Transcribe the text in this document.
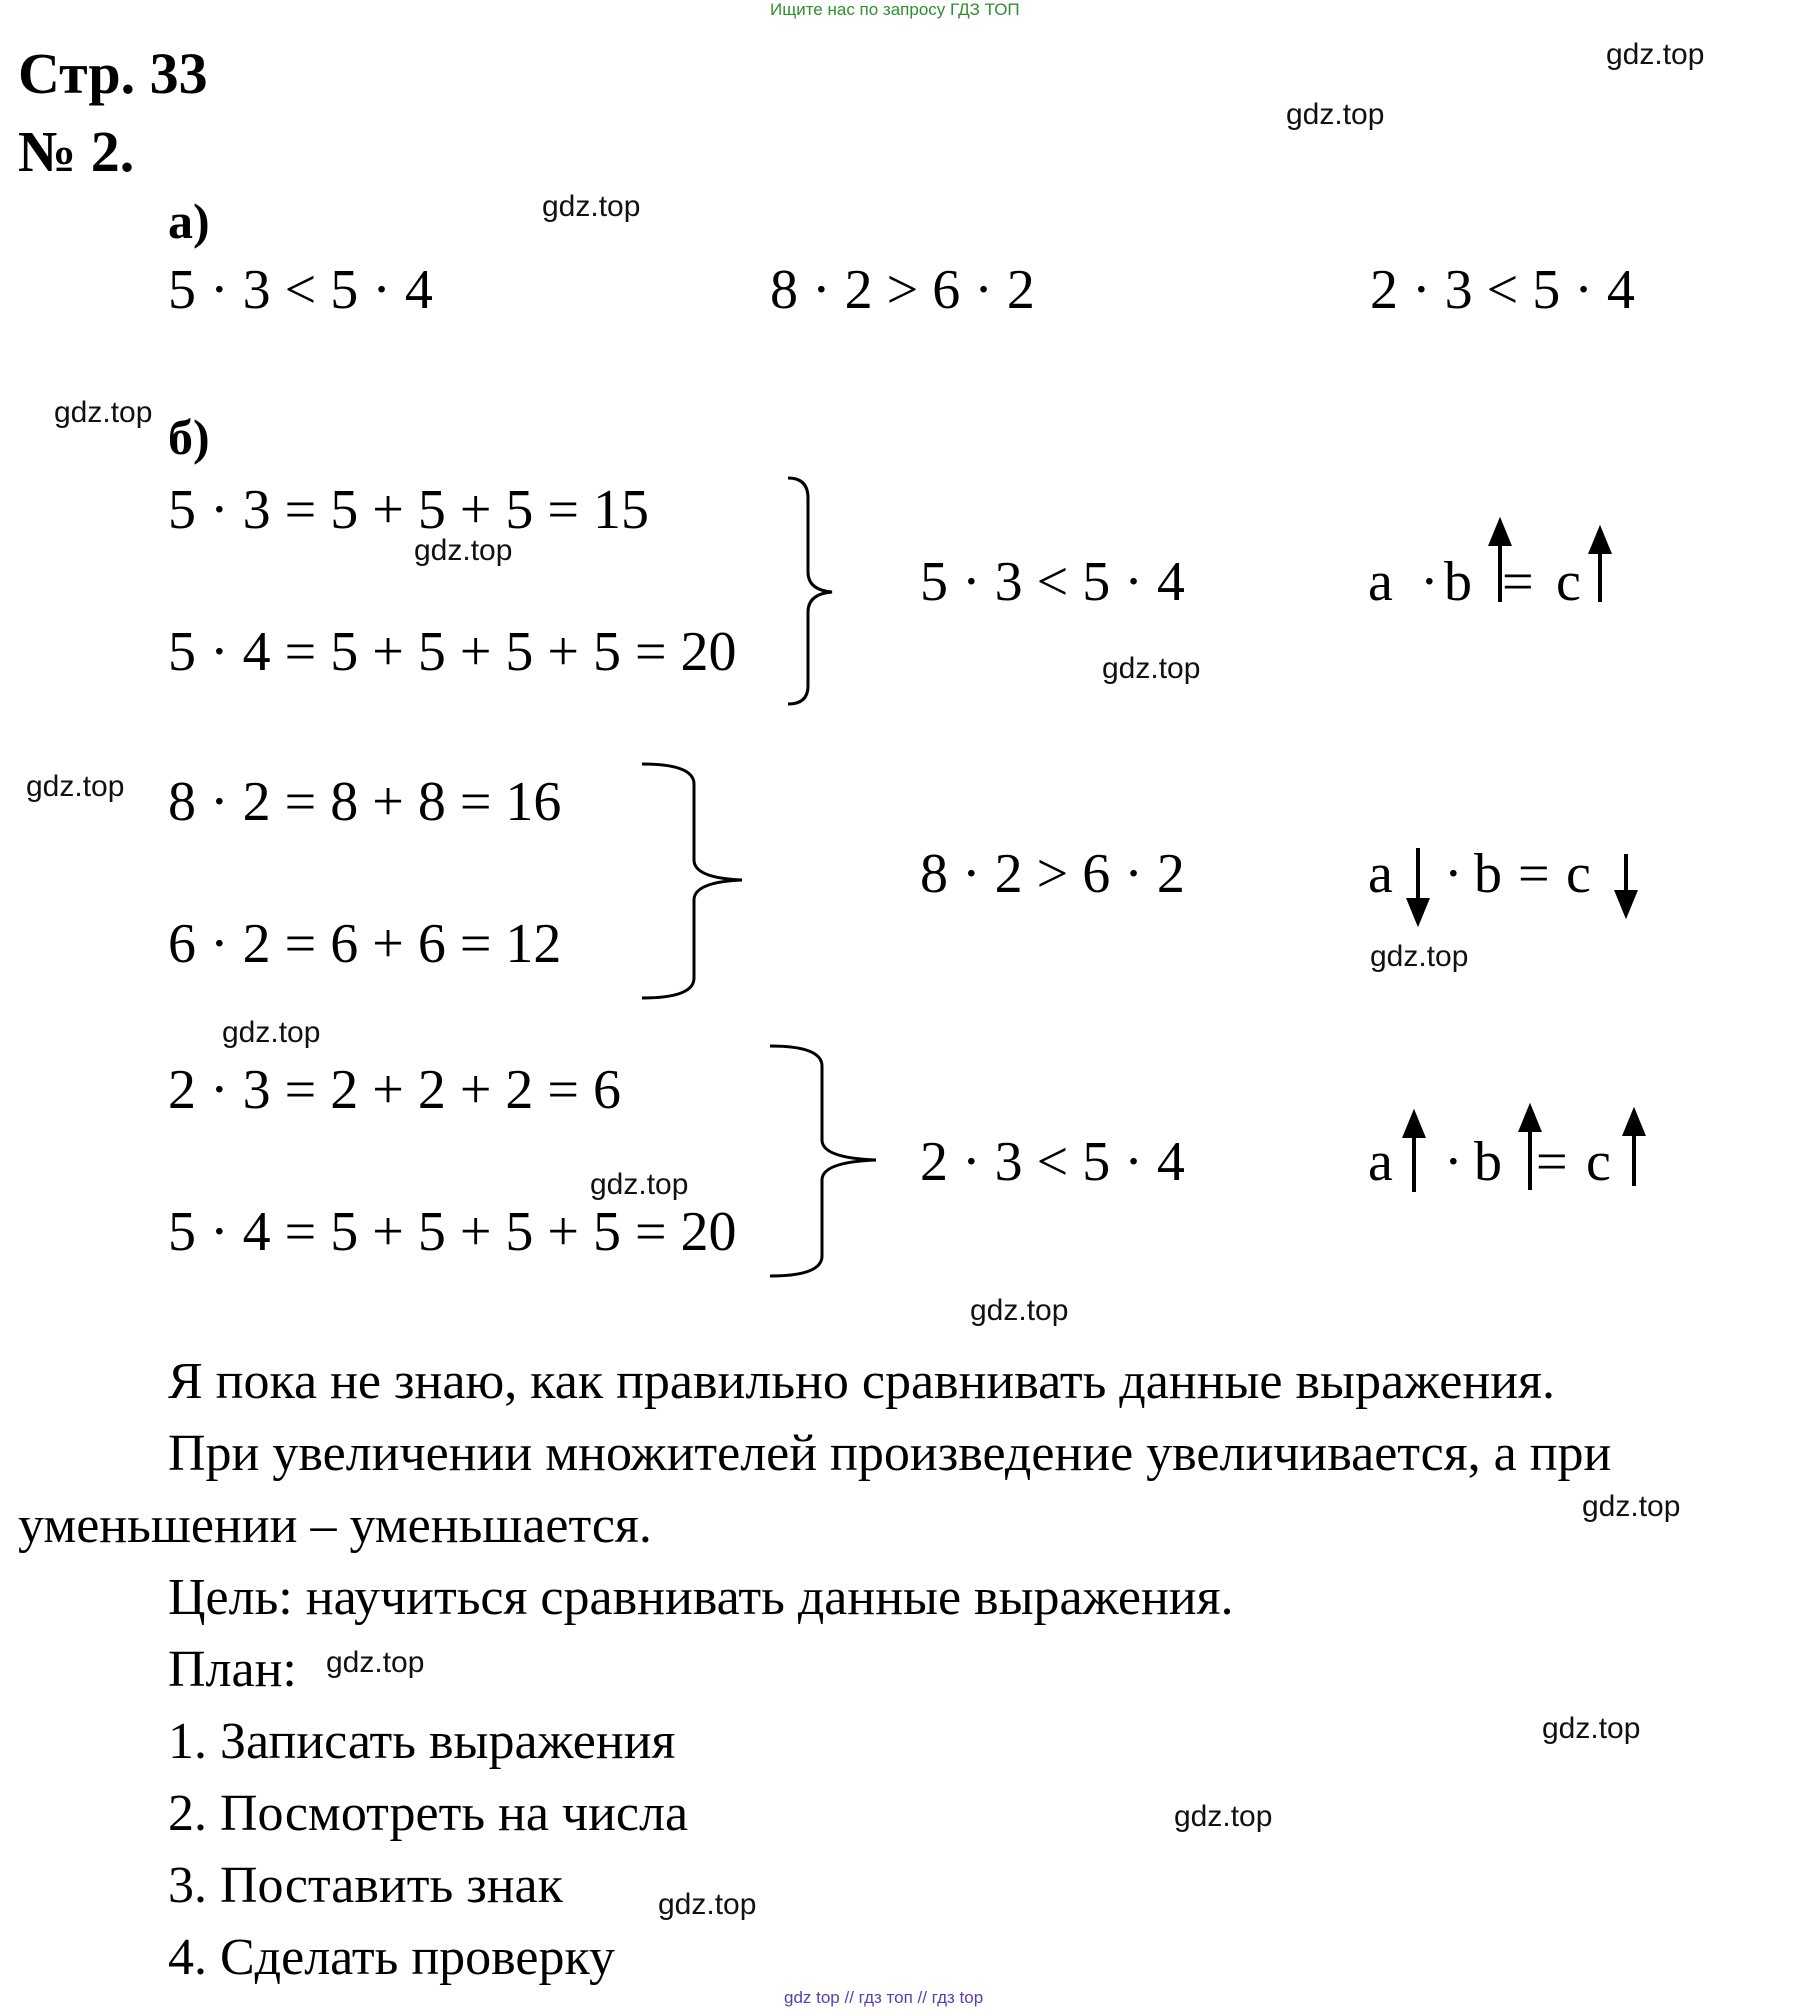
Ищите нас по запросу ГДЗ ТОП
Стр. 33
№ 2.
а)
5 · 3 < 5 · 4	8 · 2 > 6 · 2	2 · 3 < 5 · 4
б)
5 · 3 = 5 + 5 + 5 = 15
5 · 4 = 5 + 5 + 5 + 5 = 20
5 · 3 < 5 · 4	a · b = c
8 · 2 = 8 + 8 = 16
6 · 2 = 6 + 6 = 12
8 · 2 > 6 · 2	a · b = c
2 · 3 = 2 + 2 + 2 = 6
5 · 4 = 5 + 5 + 5 + 5 = 20
2 · 3 < 5 · 4	a · b = c
Я пока не знаю, как правильно сравнивать данные выражения.
При увеличении множителей произведение увеличивается, а при
уменьшении – уменьшается.
Цель: научиться сравнивать данные выражения.
План:
1. Записать выражения
2. Посмотреть на числа
3. Поставить знак
4. Сделать проверку
gdz.top
gdz.top
gdz.top
gdz.top
gdz.top
gdz.top
gdz.top
gdz.top
gdz.top
gdz.top
gdz.top
gdz.top
gdz.top
gdz.top
gdz.top
gdz.top
gdz top // гдз топ // гдз top
